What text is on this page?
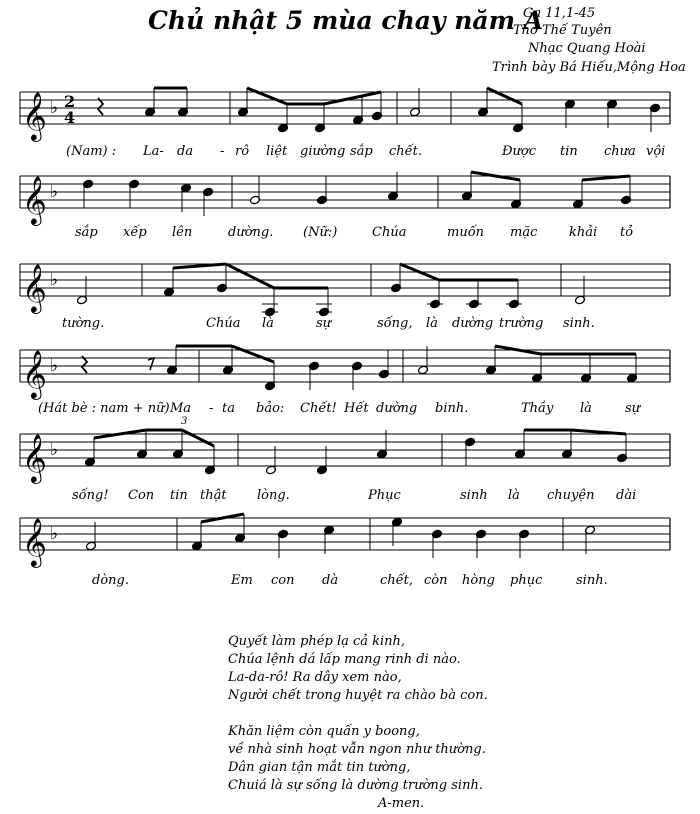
Chủ nhật 5 mùa chay năm A
Ga 11,1-45
Thơ Thế Tuyên
Nhạc Quang Hoài
Trình bày Bá Hiếu,Mộng Hoa
𝄞 ♭ 2
4
𝄞 ♭
𝄞 ♭
𝄞 ♭
𝄞 ♭
3
𝄞 ♭
(Nam) : La- da - rô liệt giường sắp chết.	Được tin chưa vội
sắp xếp lên	dường. (Nữ:)	Chúa	muốn mặc khải tỏ
tường.	Chúa là	sự	sống, là dường trường sinh.
(Hát bè : nam + nữ) Ma - ta bảo: Chết! Hết dường binh.	Thầy là	sự
sống! Con tin thật lòng.	Phục	sinh là chuyện dài
dòng.	Em con dà	chết, còn hòng phục	sinh.
Quyết làm phép lạ cả kinh,
Chúa lệnh dá lấp mang rinh di nào.
La-da-rô! Ra dây xem nào,
Người chết trong huyệt ra chào bà con.
Khăn liệm còn quấn y boong,
về nhà sinh hoạt vẫn ngon như thường.
Dân gian tận mắt tin tường,
Chuiá là sự sống là dường trường sinh.
A-men.
